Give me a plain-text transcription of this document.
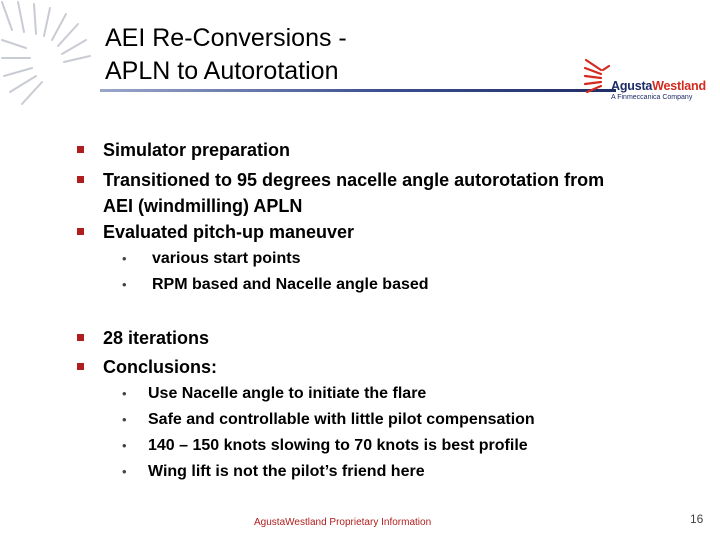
AEI Re-Conversions -
APLN to Autorotation
AgustaWestland
A Finmeccanica Company
Simulator preparation
Transitioned to 95 degrees nacelle angle autorotation from
AEI (windmilling) APLN
Evaluated pitch-up maneuver
• various start points
• RPM based and Nacelle angle based
28 iterations
Conclusions:
• Use Nacelle angle to initiate the flare
• Safe and controllable with little pilot compensation
• 140 – 150 knots slowing to 70 knots is best profile
• Wing lift is not the pilot’s friend here
AgustaWestland Proprietary Information	16
